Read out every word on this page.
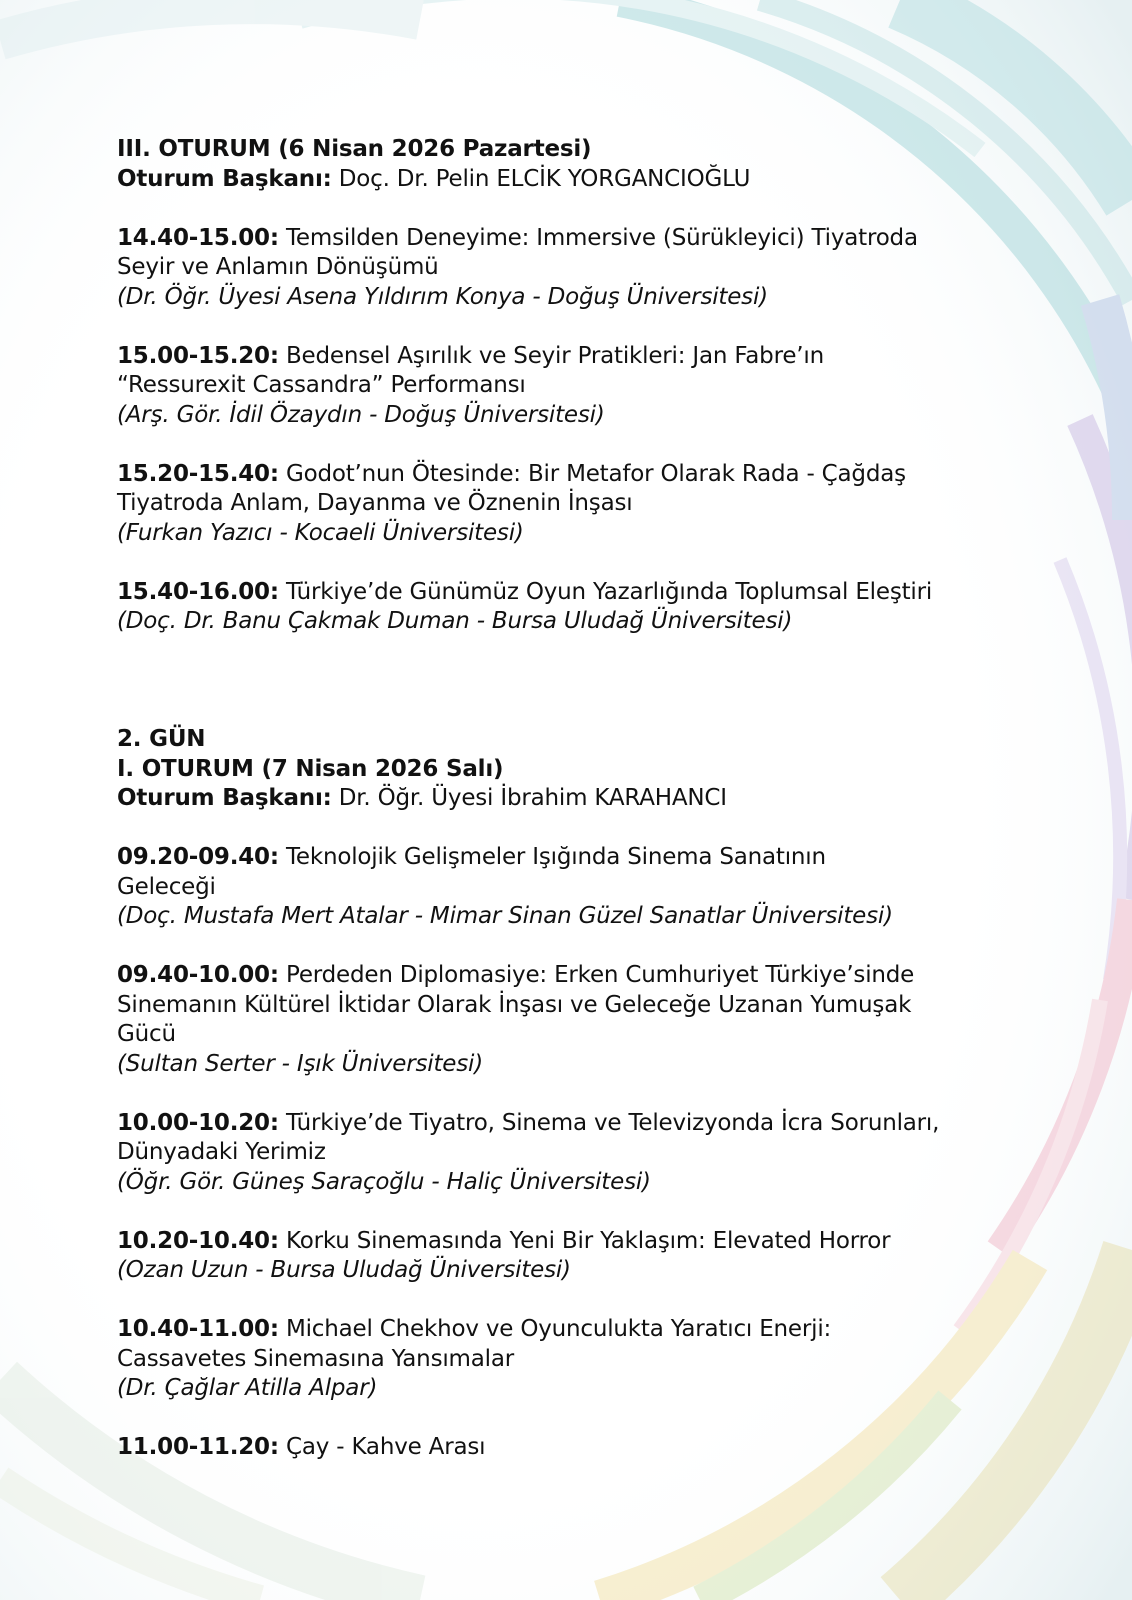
III. OTURUM (6 Nisan 2026 Pazartesi)

Oturum Başkanı: Doç. Dr. Pelin ELCİK YORGANCIOĞLU

14.40-15.00: Temsilden Deneyime: Immersive (Sürükleyici) Tiyatroda

Seyir ve Anlamın Dönüşümü

(Dr. Öğr. Üyesi Asena Yıldırım Konya - Doğuş Üniversitesi)

15.00-15.20: Bedensel Aşırılık ve Seyir Pratikleri: Jan Fabre’ın

“Ressurexit Cassandra” Performansı

(Arş. Gör. İdil Özaydın - Doğuş Üniversitesi)

15.20-15.40: Godot’nun Ötesinde: Bir Metafor Olarak Rada - Çağdaş

Tiyatroda Anlam, Dayanma ve Öznenin İnşası

(Furkan Yazıcı - Kocaeli Üniversitesi)

15.40-16.00: Türkiye’de Günümüz Oyun Yazarlığında Toplumsal Eleştiri

(Doç. Dr. Banu Çakmak Duman - Bursa Uludağ Üniversitesi)

2. GÜN

I. OTURUM (7 Nisan 2026 Salı)

Oturum Başkanı: Dr. Öğr. Üyesi İbrahim KARAHANCI

09.20-09.40: Teknolojik Gelişmeler Işığında Sinema Sanatının

Geleceği

(Doç. Mustafa Mert Atalar - Mimar Sinan Güzel Sanatlar Üniversitesi)

09.40-10.00: Perdeden Diplomasiye: Erken Cumhuriyet Türkiye’sinde

Sinemanın Kültürel İktidar Olarak İnşası ve Geleceğe Uzanan Yumuşak

Gücü

(Sultan Serter - Işık Üniversitesi)

10.00-10.20: Türkiye’de Tiyatro, Sinema ve Televizyonda İcra Sorunları,

Dünyadaki Yerimiz

(Öğr. Gör. Güneş Saraçoğlu - Haliç Üniversitesi)

10.20-10.40: Korku Sinemasında Yeni Bir Yaklaşım: Elevated Horror

(Ozan Uzun - Bursa Uludağ Üniversitesi)

10.40-11.00: Michael Chekhov ve Oyunculukta Yaratıcı Enerji:

Cassavetes Sinemasına Yansımalar

(Dr. Çağlar Atilla Alpar)

11.00-11.20: Çay - Kahve Arası
